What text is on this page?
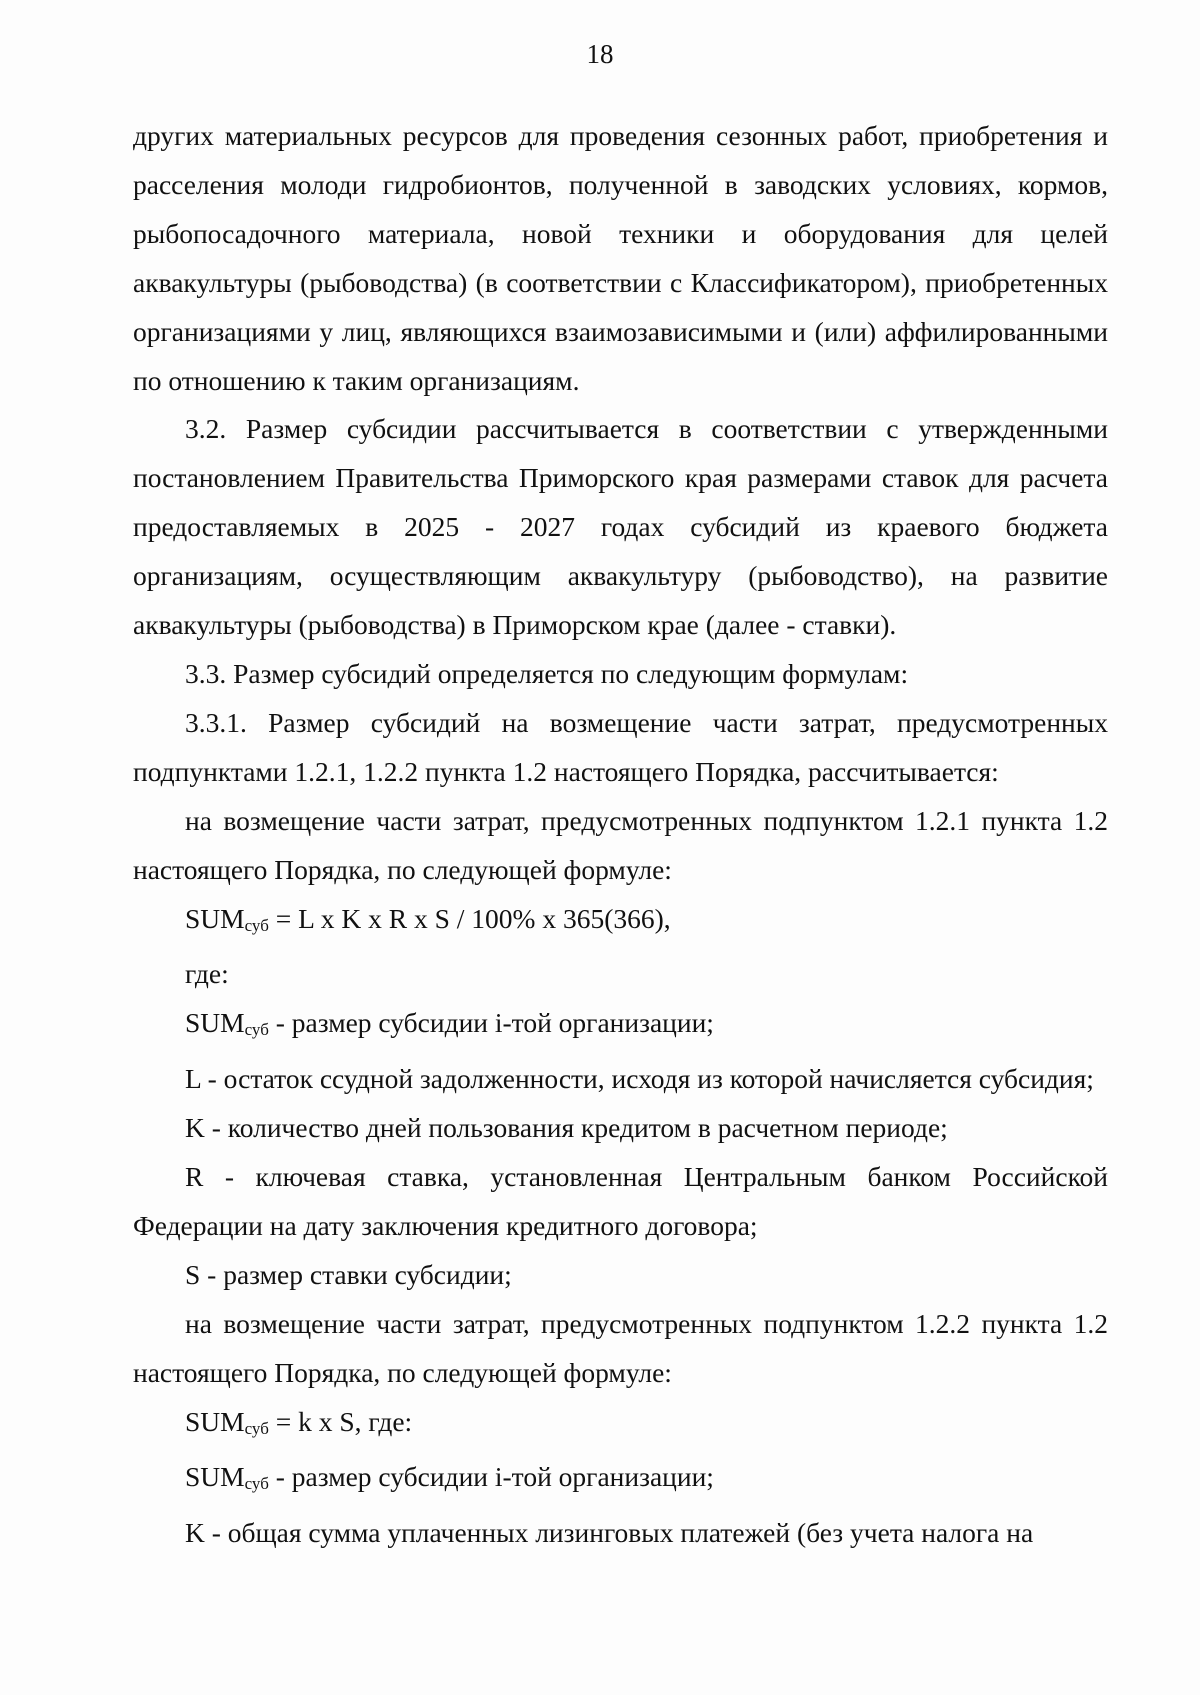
18

других материальных ресурсов для проведения сезонных работ, приобретения и расселения молоди гидробионтов, полученной в заводских условиях, кормов, рыбопосадочного материала, новой техники и оборудования для целей аквакультуры (рыбоводства) (в соответствии с Классификатором), приобретенных организациями у лиц, являющихся взаимозависимыми и (или) аффилированными по отношению к таким организациям.

3.2. Размер субсидии рассчитывается в соответствии с утвержденными постановлением Правительства Приморского края размерами ставок для расчета предоставляемых в 2025 - 2027 годах субсидий из краевого бюджета организациям, осуществляющим аквакультуру (рыбоводство), на развитие аквакультуры (рыбоводства) в Приморском крае (далее - ставки).

3.3. Размер субсидий определяется по следующим формулам:

3.3.1. Размер субсидий на возмещение части затрат, предусмотренных подпунктами 1.2.1, 1.2.2 пункта 1.2 настоящего Порядка, рассчитывается:

на возмещение части затрат, предусмотренных подпунктом 1.2.1 пункта 1.2 настоящего Порядка, по следующей формуле:

SUMсуб = L x K x R x S / 100% x 365(366),

где:

SUMсуб - размер субсидии i-той организации;

L - остаток ссудной задолженности, исходя из которой начисляется субсидия;

K - количество дней пользования кредитом в расчетном периоде;

R - ключевая ставка, установленная Центральным банком Российской Федерации на дату заключения кредитного договора;

S - размер ставки субсидии;

на возмещение части затрат, предусмотренных подпунктом 1.2.2 пункта 1.2 настоящего Порядка, по следующей формуле:

SUMсуб = k x S, где:

SUMсуб - размер субсидии i-той организации;

K - общая сумма уплаченных лизинговых платежей (без учета налога на
